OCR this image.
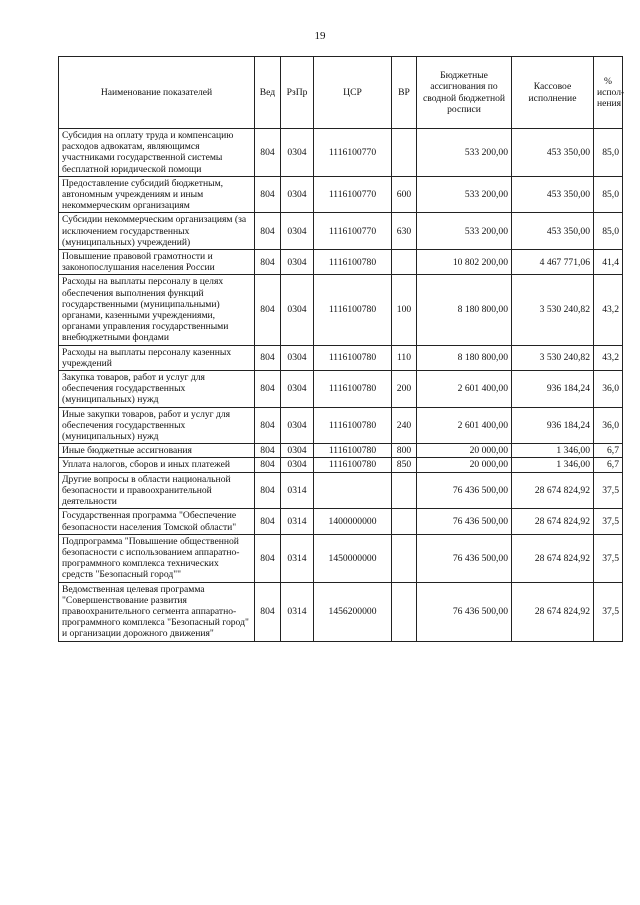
19
Наименование показателей	Вед	РзПр	ЦСР	ВР	Бюджетные ассигнования по сводной бюджетной росписи	Кассовое исполнение	% испол-нения
Субсидия на оплату труда и компенсацию расходов адвокатам, являющимся участниками государственной системы бесплатной юридической помощи	804	0304	1116100770		533 200,00	453 350,00	85,0
Предоставление субсидий бюджетным, автономным учреждениям и иным некоммерческим организациям	804	0304	1116100770	600	533 200,00	453 350,00	85,0
Субсидии некоммерческим организациям (за исключением государственных (муниципальных) учреждений)	804	0304	1116100770	630	533 200,00	453 350,00	85,0
Повышение правовой грамотности и законопослушания населения России	804	0304	1116100780		10 802 200,00	4 467 771,06	41,4
Расходы на выплаты персоналу в целях обеспечения выполнения функций государственными (муниципальными) органами, казенными учреждениями, органами управления государственными внебюджетными фондами	804	0304	1116100780	100	8 180 800,00	3 530 240,82	43,2
Расходы на выплаты персоналу казенных учреждений	804	0304	1116100780	110	8 180 800,00	3 530 240,82	43,2
Закупка товаров, работ и услуг для обеспечения государственных (муниципальных) нужд	804	0304	1116100780	200	2 601 400,00	936 184,24	36,0
Иные закупки товаров, работ и услуг для обеспечения государственных (муниципальных) нужд	804	0304	1116100780	240	2 601 400,00	936 184,24	36,0
Иные бюджетные ассигнования	804	0304	1116100780	800	20 000,00	1 346,00	6,7
Уплата налогов, сборов и иных платежей	804	0304	1116100780	850	20 000,00	1 346,00	6,7
Другие вопросы в области национальной безопасности и правоохранительной деятельности	804	0314			76 436 500,00	28 674 824,92	37,5
Государственная программа "Обеспечение безопасности населения Томской области"	804	0314	1400000000		76 436 500,00	28 674 824,92	37,5
Подпрограмма "Повышение общественной безопасности с использованием аппаратно-программного комплекса технических средств "Безопасный город""	804	0314	1450000000		76 436 500,00	28 674 824,92	37,5
Ведомственная целевая программа "Совершенствование развития правоохранительного сегмента аппаратно-программного комплекса "Безопасный город" и организации дорожного движения"	804	0314	1456200000		76 436 500,00	28 674 824,92	37,5
